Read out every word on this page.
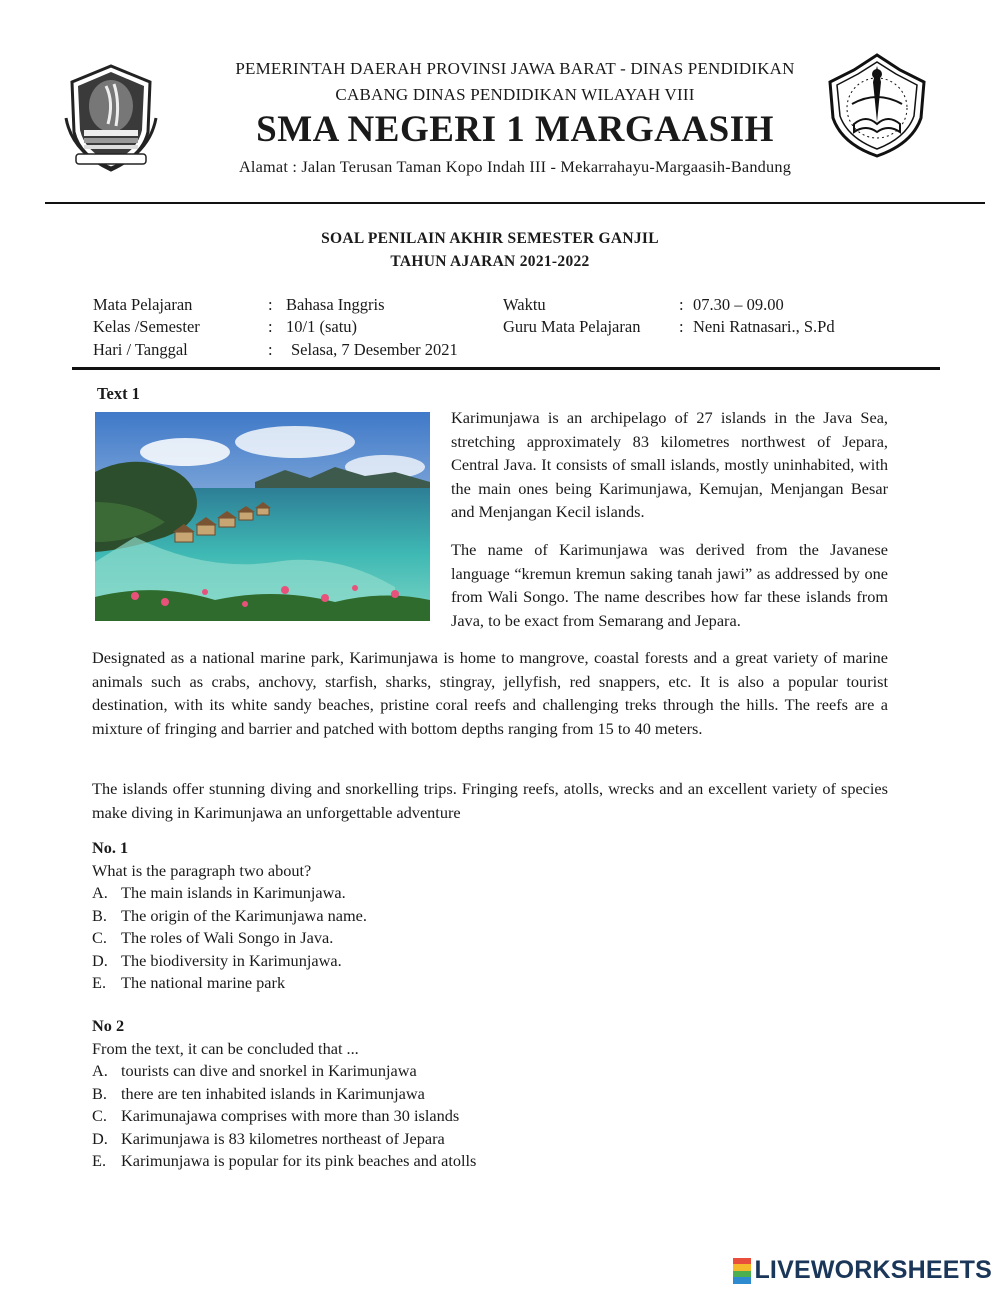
PEMERINTAH DAERAH PROVINSI JAWA BARAT - DINAS PENDIDIKAN
CABANG DINAS PENDIDIKAN WILAYAH VIII
SMA NEGERI 1 MARGAASIH
Alamat : Jalan Terusan Taman Kopo Indah III - Mekarrahayu-Margaasih-Bandung
SOAL PENILAIN AKHIR SEMESTER GANJIL
TAHUN AJARAN 2021-2022
Mata Pelajaran	: Bahasa Inggris	Waktu	: 07.30 – 09.00
Kelas /Semester	: 10/1 (satu)	Guru Mata Pelajaran : Neni Ratnasari., S.Pd
Hari / Tanggal	: Selasa, 7 Desember 2021
Text 1
Karimunjawa is an archipelago of 27 islands in the Java Sea, stretching approximately 83 kilometres northwest of Jepara, Central Java. It consists of small islands, mostly uninhabited, with the main ones being Karimunjawa, Kemujan, Menjangan Besar and Menjangan Kecil islands.
The name of Karimunjawa was derived from the Javanese language “kremun kremun saking tanah jawi” as addressed by one from Wali Songo. The name describes how far these islands from Java, to be exact from Semarang and Jepara.
Designated as a national marine park, Karimunjawa is home to mangrove, coastal forests and a great variety of marine animals such as crabs, anchovy, starfish, sharks, stingray, jellyfish, red snappers, etc. It is also a popular tourist destination, with its white sandy beaches, pristine coral reefs and challenging treks through the hills. The reefs are a mixture of fringing and barrier and patched with bottom depths ranging from 15 to 40 meters.
The islands offer stunning diving and snorkelling trips. Fringing reefs, atolls, wrecks and an excellent variety of species make diving in Karimunjawa an unforgettable adventure
No. 1
What is the paragraph two about?
A. The main islands in Karimunjawa.
B. The origin of the Karimunjawa name.
C. The roles of Wali Songo in Java.
D. The biodiversity in Karimunjawa.
E. The national marine park
No 2
From the text, it can be concluded that ...
A. tourists can dive and snorkel in Karimunjawa
B. there are ten inhabited islands in Karimunjawa
C. Karimunajawa comprises with more than 30 islands
D. Karimunjawa is 83 kilometres northeast of Jepara
E. Karimunjawa is popular for its pink beaches and atolls
LIVEWORKSHEETS
